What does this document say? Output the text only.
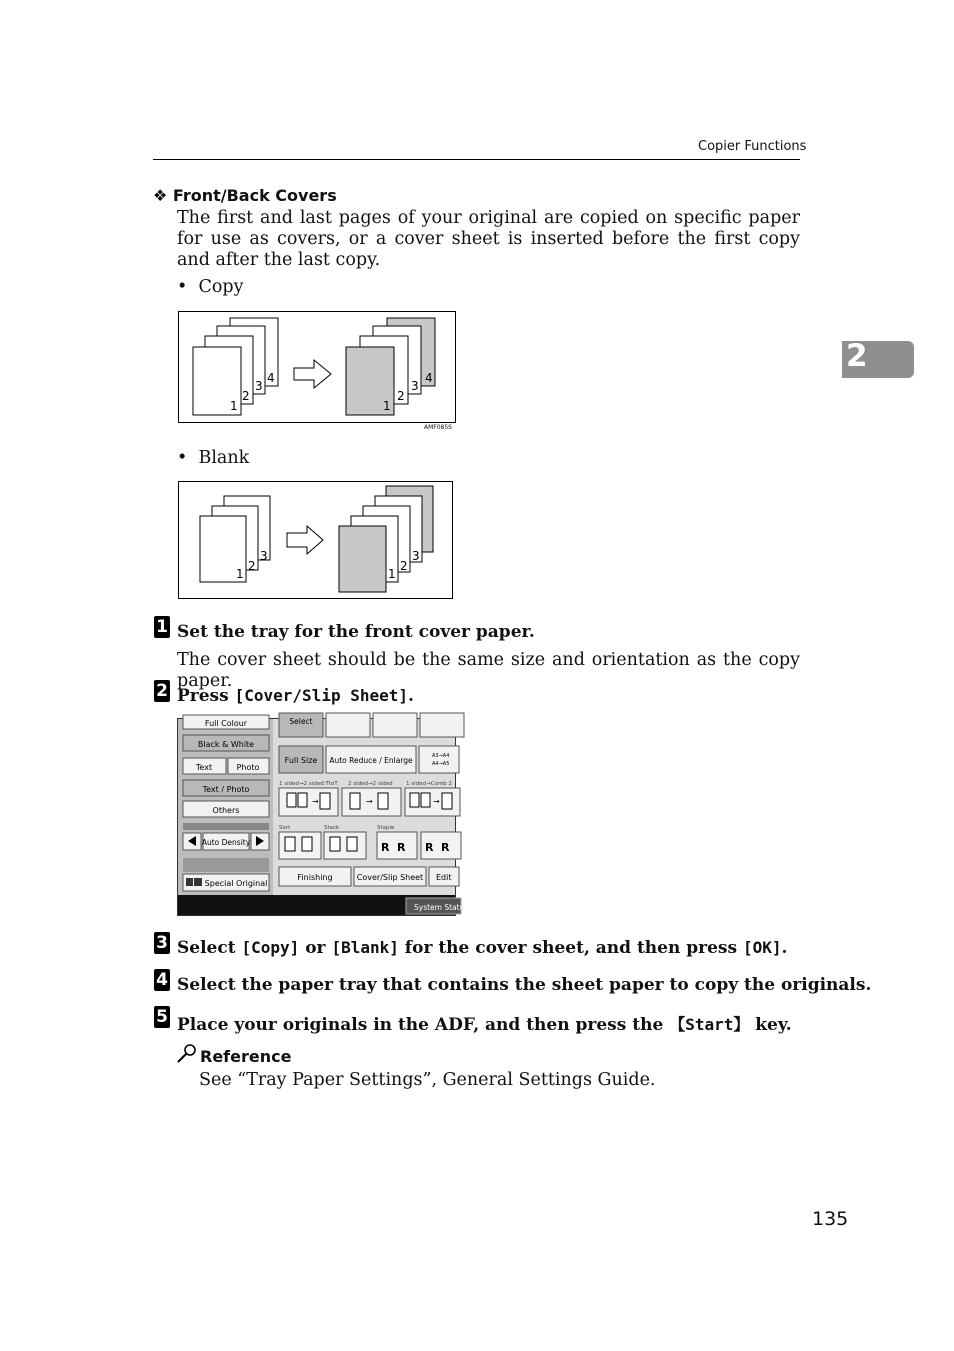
Copier Functions
2
❖ Front/Back Covers
The first and last pages of your original are copied on specific paper for use as covers, or a cover sheet is inserted before the first copy and after the last copy.
•  Copy
4
3
2
1
4
3
2
1
AMF085S
•  Blank
3
2
1
3
2
1
1 Set the tray for the front cover paper.
The cover sheet should be the same size and orientation as the copy paper.
2 Press [Cover/Slip Sheet].
Full Colour
Black & White
Text	Photo
Text / Photo
Others
Auto Density
Special Original
Select
Full Size Auto Reduce / Enlarge	A3→A4
A4→A5
1 sided→2 sided:TtoT 2 sided→2 sided 1 sided→Comb 2
→	→	→
Sort	Stack	Staple
R R R R
Finishing	Cover/Slip Sheet Edit
System Status
3 Select [Copy] or [Blank] for the cover sheet, and then press [OK].
4 Select the paper tray that contains the sheet paper to copy the originals.
5 Place your originals in the ADF, and then press the 【Start】 key.
Reference
See “Tray Paper Settings”, General Settings Guide.
135
